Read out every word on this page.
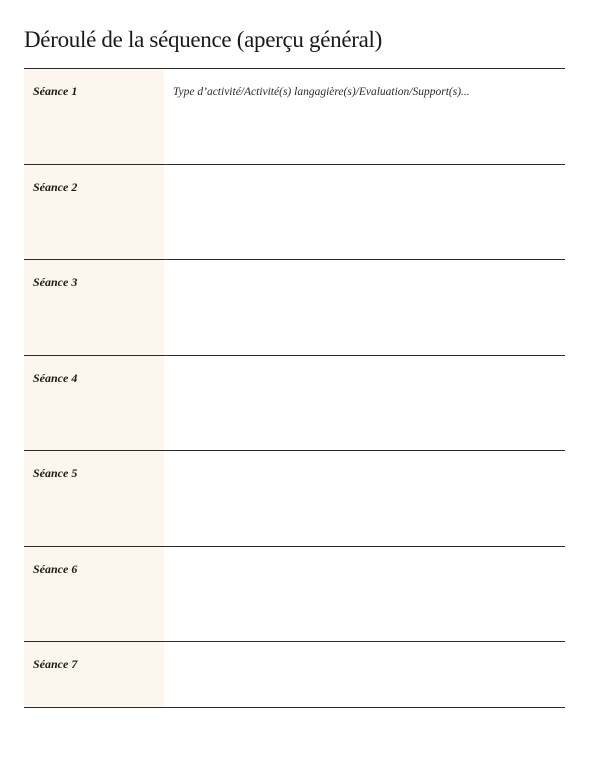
Déroulé de la séquence (aperçu général)
Séance 1	Type d’activité/Activité(s) langagière(s)/Evaluation/Support(s)...
Séance 2
Séance 3
Séance 4
Séance 5
Séance 6
Séance 7
